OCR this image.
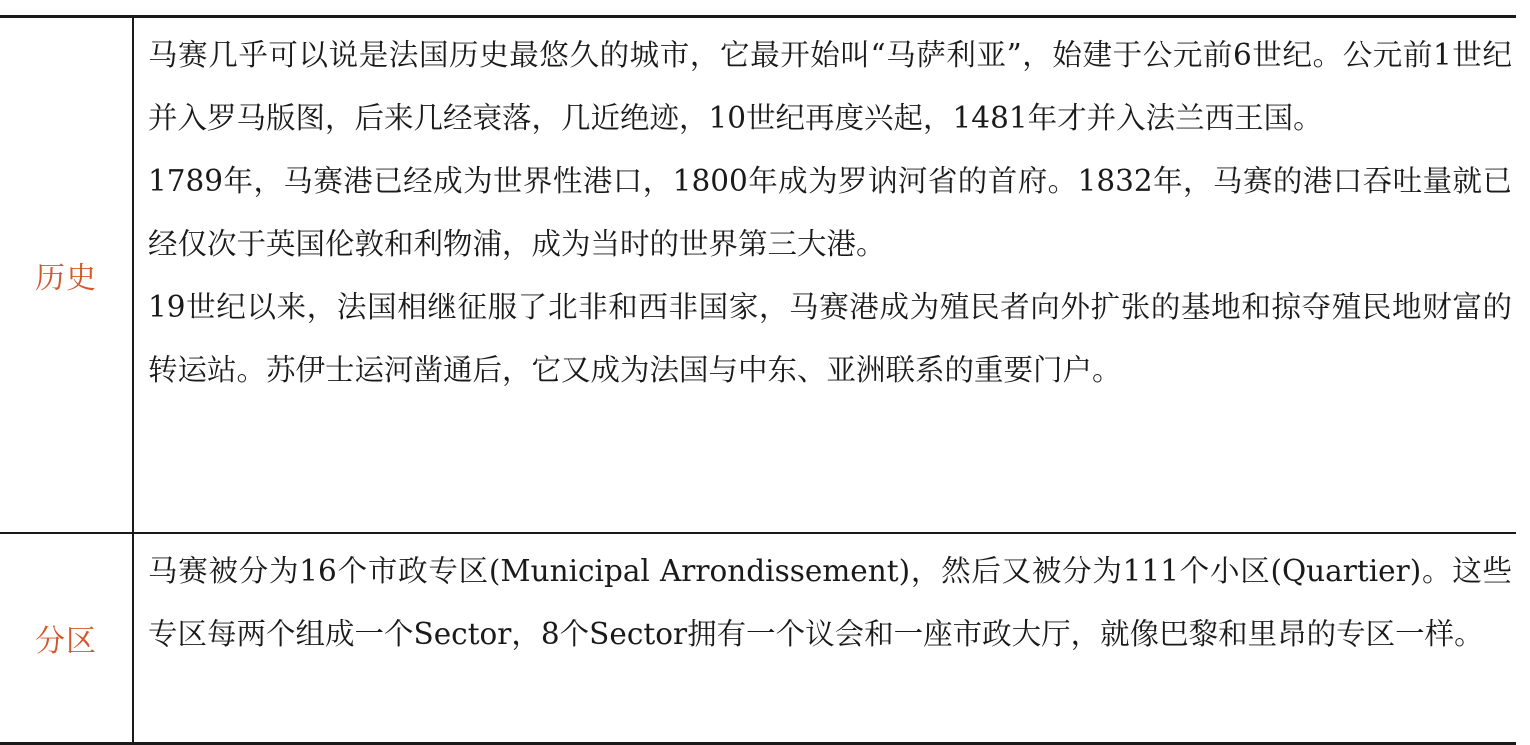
历史	马赛几乎可以说是法国历史最悠久的城市，它最开始叫“马萨利亚”，始建于公元前6世纪。公元前1世纪并入罗马版图，后来几经衰落，几近绝迹，10世纪再度兴起，1481年才并入法兰西王国。

1789年，马赛港已经成为世界性港口，1800年成为罗讷河省的首府。1832年，马赛的港口吞吐量就已经仅次于英国伦敦和利物浦，成为当时的世界第三大港。

19世纪以来，法国相继征服了北非和西非国家，马赛港成为殖民者向外扩张的基地和掠夺殖民地财富的转运站。苏伊士运河凿通后，它又成为法国与中东、亚洲联系的重要门户。

分区	马赛被分为16个市政专区(Municipal Arrondissement)，然后又被分为111个小区(Quartier)。这些专区每两个组成一个Sector，8个Sector拥有一个议会和一座市政大厅，就像巴黎和里昂的专区一样。
